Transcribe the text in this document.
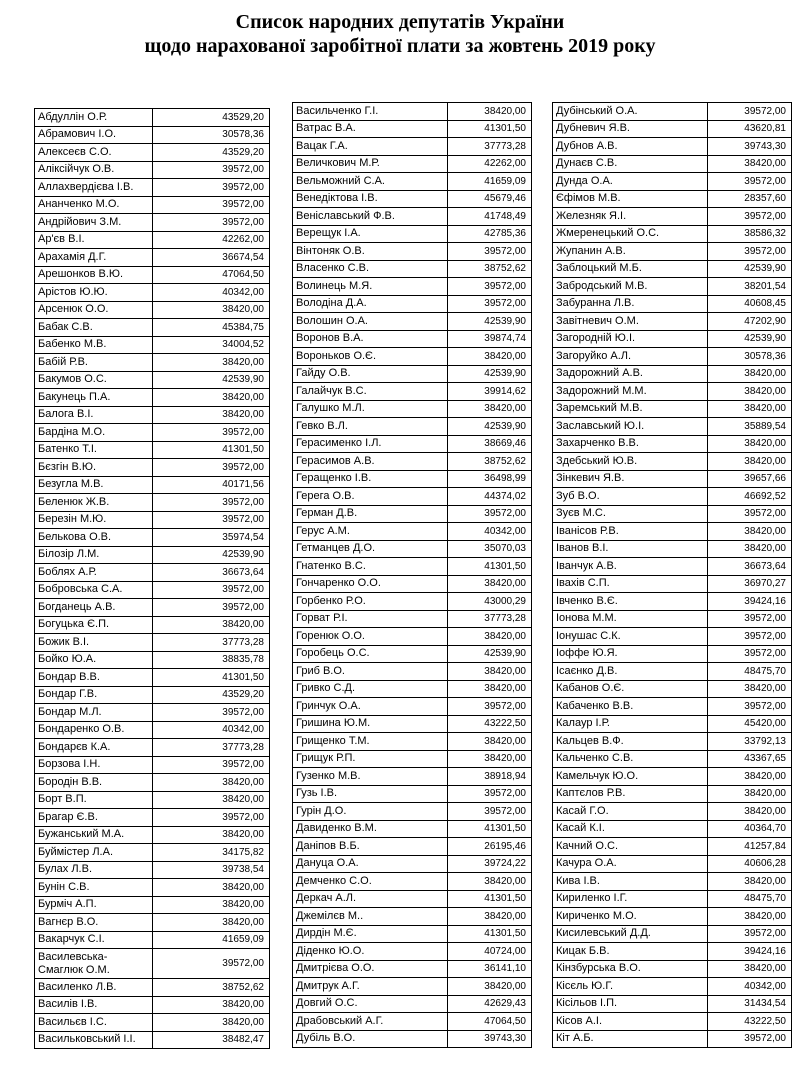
Список народних депутатів України
щодо нарахованої заробітної плати за жовтень 2019 року

Абдуллін О.Р.	43529,20
Абрамович І.О.	30578,36
Алексеєв С.О.	43529,20
Аліксійчук О.В.	39572,00
Аллахвердієва І.В.	39572,00
Ананченко М.О.	39572,00
Андрійович З.М.	39572,00
Ар'єв В.І.	42262,00
Арахамія Д.Г.	36674,54
Арешонков В.Ю.	47064,50
Арістов Ю.Ю.	40342,00
Арсенюк О.О.	38420,00
Бабак С.В.	45384,75
Бабенко М.В.	34004,52
Бабій Р.В.	38420,00
Бакумов О.С.	42539,90
Бакунець П.А.	38420,00
Балога В.І.	38420,00
Бардіна М.О.	39572,00
Батенко Т.І.	41301,50
Бєзгін В.Ю.	39572,00
Безугла М.В.	40171,56
Беленюк Ж.В.	39572,00
Березін М.Ю.	39572,00
Белькова О.В.	35974,54
Білозір Л.М.	42539,90
Боблях А.Р.	36673,64
Бобровська С.А.	39572,00
Богданець А.В.	39572,00
Богуцька Є.П.	38420,00
Божик В.І.	37773,28
Бойко Ю.А.	38835,78
Бондар В.В.	41301,50
Бондар Г.В.	43529,20
Бондар М.Л.	39572,00
Бондаренко О.В.	40342,00
Бондарєв К.А.	37773,28
Борзова І.Н.	39572,00
Бородін В.В.	38420,00
Борт В.П.	38420,00
Брагар Є.В.	39572,00
Бужанський М.А.	38420,00
Буймістер Л.А.	34175,82
Булах Л.В.	39738,54
Бунін С.В.	38420,00
Бурміч А.П.	38420,00
Вагнєр В.О.	38420,00
Вакарчук С.І.	41659,09
Василевська-Смаглюк О.М.	39572,00
Василенко Л.В.	38752,62
Василів І.В.	38420,00
Васильєв І.С.	38420,00
Васильковський І.І.	38482,47
Васильченко Г.І.	38420,00
Ватрас В.А.	41301,50
Вацак Г.А.	37773,28
Величкович М.Р.	42262,00
Вельможний С.А.	41659,09
Венедіктова І.В.	45679,46
Веніславський Ф.В.	41748,49
Верещук І.А.	42785,36
Вінтоняк О.В.	39572,00
Власенко С.В.	38752,62
Волинець М.Я.	39572,00
Володіна Д.А.	39572,00
Волошин О.А.	42539,90
Воронов В.А.	39874,74
Вороньков О.Є.	38420,00
Гайду О.В.	42539,90
Галайчук В.С.	39914,62
Галушко М.Л.	38420,00
Гевко В.Л.	42539,90
Герасименко І.Л.	38669,46
Герасимов А.В.	38752,62
Геращенко І.В.	36498,99
Герега О.В.	44374,02
Герман Д.В.	39572,00
Герус А.М.	40342,00
Гетманцев Д.О.	35070,03
Гнатенко В.С.	41301,50
Гончаренко О.О.	38420,00
Горбенко Р.О.	43000,29
Горват Р.І.	37773,28
Горенюк О.О.	38420,00
Горобець О.С.	42539,90
Гриб В.О.	38420,00
Гривко С.Д.	38420,00
Гринчук О.А.	39572,00
Гришина Ю.М.	43222,50
Грищенко Т.М.	38420,00
Грищук Р.П.	38420,00
Гузенко М.В.	38918,94
Гузь І.В.	39572,00
Гурін Д.О.	39572,00
Давиденко В.М.	41301,50
Даніпов В.Б.	26195,46
Дануца О.А.	39724,22
Демченко С.О.	38420,00
Деркач А.Л.	41301,50
Джемілєв М..	38420,00
Дирдін М.Є.	41301,50
Діденко Ю.О.	40724,00
Дмитрієва О.О.	36141,10
Дмитрук А.Г.	38420,00
Довгий О.С.	42629,43
Драбовський А.Г.	47064,50
Дубіль В.О.	39743,30
Дубінський О.А.	39572,00
Дубневич Я.В.	43620,81
Дубнов А.В.	39743,30
Дунаєв С.В.	38420,00
Дунда О.А.	39572,00
Єфімов М.В.	28357,60
Железняк Я.І.	39572,00
Жмеренецький О.С.	38586,32
Жупанин А.В.	39572,00
Заблоцький М.Б.	42539,90
Забродський М.В.	38201,54
Забуранна Л.В.	40608,45
Завітневич О.М.	47202,90
Загородній Ю.І.	42539,90
Загоруйко А.Л.	30578,36
Задорожний А.В.	38420,00
Задорожний М.М.	38420,00
Заремський М.В.	38420,00
Заславський Ю.І.	35889,54
Захарченко В.В.	38420,00
Здебський Ю.В.	38420,00
Зінкевич Я.В.	39657,66
Зуб В.О.	46692,52
Зуєв М.С.	39572,00
Іванісов Р.В.	38420,00
Іванов В.І.	38420,00
Іванчук А.В.	36673,64
Івахів С.П.	36970,27
Івченко В.Є.	39424,16
Іонова М.М.	39572,00
Іонушас С.К.	39572,00
Іоффе Ю.Я.	39572,00
Ісаєнко Д.В.	48475,70
Кабанов О.Є.	38420,00
Кабаченко В.В.	39572,00
Калаур І.Р.	45420,00
Кальцев В.Ф.	33792,13
Кальченко С.В.	43367,65
Камельчук Ю.О.	38420,00
Каптєлов Р.В.	38420,00
Касай Г.О.	38420,00
Касай К.І.	40364,70
Качний О.С.	41257,84
Качура О.А.	40606,28
Кива І.В.	38420,00
Кириленко І.Г.	48475,70
Кириченко М.О.	38420,00
Кисилевський Д.Д.	39572,00
Кицак Б.В.	39424,16
Кінзбурська В.О.	38420,00
Кісєль Ю.Г.	40342,00
Кісільов І.П.	31434,54
Кісов А.І.	43222,50
Кіт А.Б.	39572,00
